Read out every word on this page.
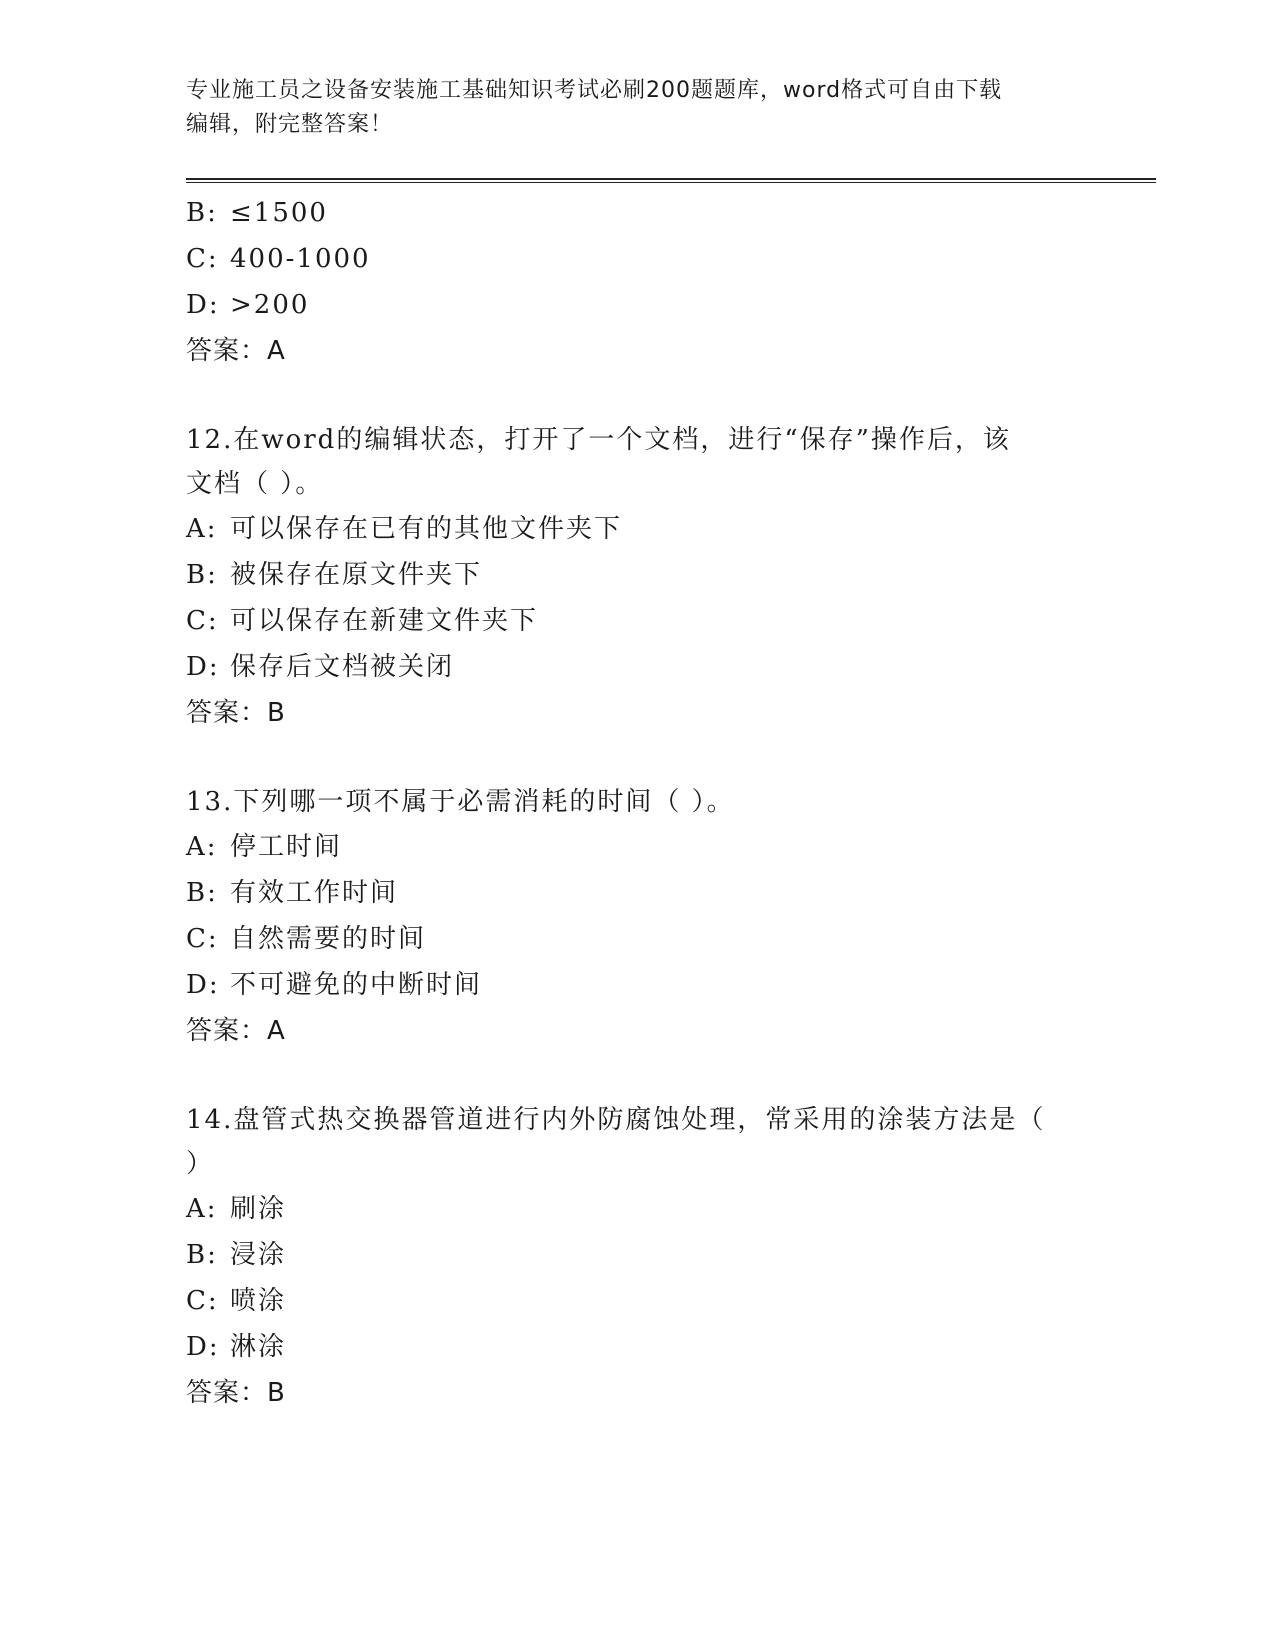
专业施工员之设备安装施工基础知识考试必刷200题题库，word格式可自由下载
编辑，附完整答案！
B: ≤1500
C: 400-1000
D: >200
答案：A
12.在word的编辑状态，打开了一个文档，进行“保存”操作后，该
文档（ ）。
A: 可以保存在已有的其他文件夹下
B: 被保存在原文件夹下
C: 可以保存在新建文件夹下
D: 保存后文档被关闭
答案：B
13.下列哪一项不属于必需消耗的时间（ ）。
A: 停工时间
B: 有效工作时间
C: 自然需要的时间
D: 不可避免的中断时间
答案：A
14.盘管式热交换器管道进行内外防腐蚀处理，常采用的涂装方法是（
）
A: 刷涂
B: 浸涂
C: 喷涂
D: 淋涂
答案：B
